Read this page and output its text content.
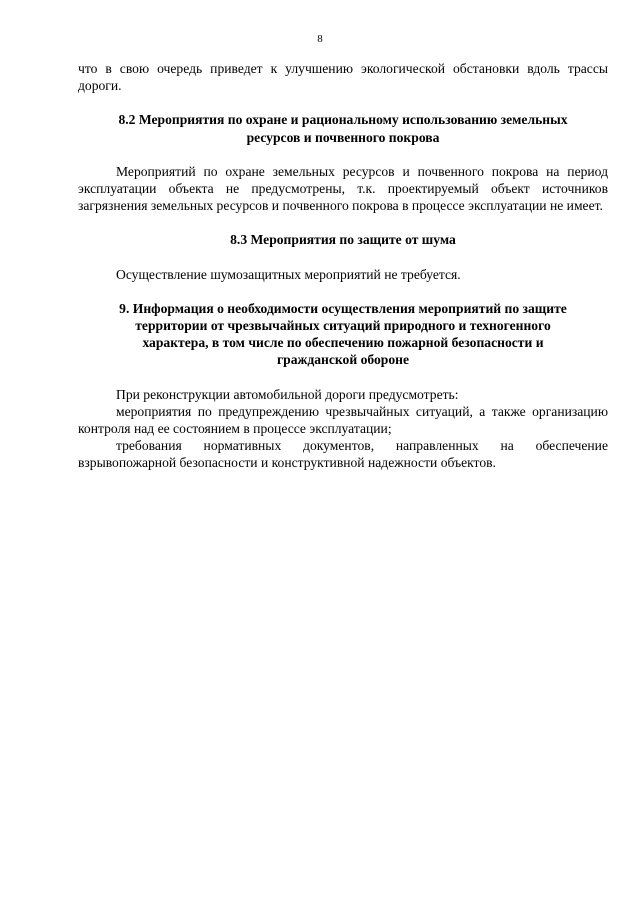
8

что в свою очередь приведет к улучшению экологической обстановки вдоль трассы дороги.

8.2 Мероприятия по охране и рациональному использованию земельных ресурсов и почвенного покрова

Мероприятий по охране земельных ресурсов и почвенного покрова на период эксплуатации объекта не предусмотрены, т.к. проектируемый объект источников загрязнения земельных ресурсов и почвенного покрова в процессе эксплуатации не имеет.

8.3 Мероприятия по защите от шума

Осуществление шумозащитных мероприятий не требуется.

9. Информация о необходимости осуществления мероприятий по защите территории от чрезвычайных ситуаций природного и техногенного характера, в том числе по обеспечению пожарной безопасности и гражданской обороне

При реконструкции автомобильной дороги предусмотреть:

мероприятия по предупреждению чрезвычайных ситуаций, а также организацию контроля над ее состоянием в процессе эксплуатации;

требования нормативных документов, направленных на обеспечение взрывопожарной безопасности и конструктивной надежности объектов.
